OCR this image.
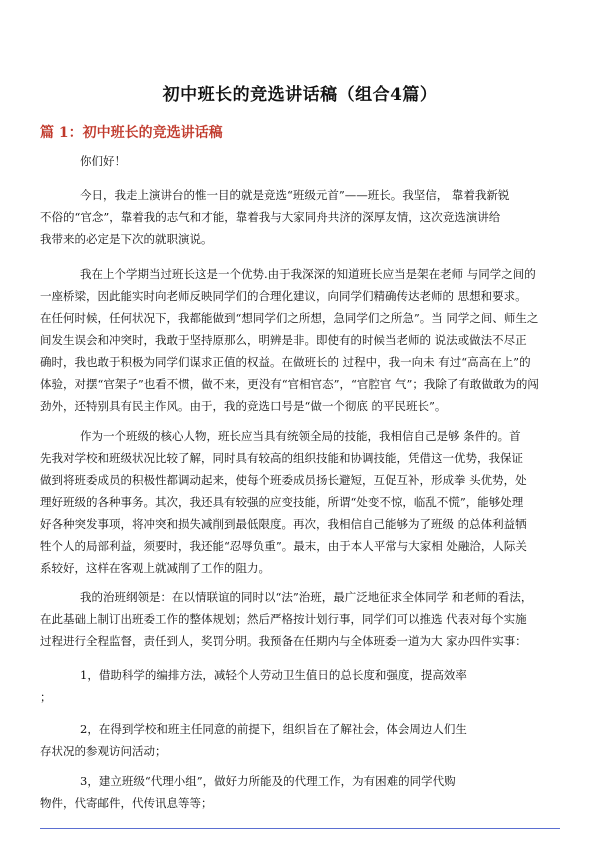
初中班长的竞选讲话稿（组合4篇）
篇 1：初中班长的竞选讲话稿
你们好！
今日，我走上演讲台的惟一目的就是竞选“班级元首”——班长。我坚信， 靠着我新锐
不俗的“官念”，靠着我的志气和才能，靠着我与大家同舟共济的深厚友情，这次竞选演讲给
我带来的必定是下次的就职演说。
我在上个学期当过班长这是一个优势.由于我深深的知道班长应当是架在老师 与同学之间的
一座桥梁，因此能实时向老师反映同学们的合理化建议，向同学们精确传达老师的 思想和要求。
在任何时候，任何状况下，我都能做到“想同学们之所想，急同学们之所急”。当 同学之间、师生之
间发生误会和冲突时，我敢于坚持原那么，明辨是非。即使有的时候当老师的 说法或做法不尽正
确时，我也敢于积极为同学们谋求正值的权益。在做班长的 过程中，我一向未 有过“高高在上”的
体验，对摆“官架子”也看不惯，做不来，更没有“官相官态”，“官腔官 气”；我除了有敢做敢为的闯
劲外，还特别具有民主作风。由于，我的竞选口号是“做一个彻底 的平民班长”。
作为一个班级的核心人物，班长应当具有统领全局的技能，我相信自己是够 条件的。首
先我对学校和班级状况比较了解，同时具有较高的组织技能和协调技能，凭借这一优势，我保证
做到将班委成员的积极性都调动起来，使每个班委成员扬长避短，互促互补，形成拳 头优势，处
理好班级的各种事务。其次，我还具有较强的应变技能，所谓“处变不惊，临乱不慌”，能够处理
好各种突发事项，将冲突和损失减削到最低限度。再次，我相信自己能够为了班级 的总体利益牺
牲个人的局部利益，须要时，我还能“忍辱负重”。最末，由于本人平常与大家相 处融洽，人际关
系较好，这样在客观上就减削了工作的阻力。
我的治班纲领是：在以情联谊的同时以“法”治班，最广泛地征求全体同学 和老师的看法，
在此基础上制订出班委工作的整体规划；然后严格按计划行事，同学们可以推选 代表对每个实施
过程进行全程监督，责任到人，奖罚分明。我预备在任期内与全体班委一道为大 家办四件实事：
1，借助科学的编排方法，减轻个人劳动卫生值日的总长度和强度，提高效率
；
2，在得到学校和班主任同意的前提下，组织旨在了解社会，体会周边人们生
存状况的参观访问活动；
3，建立班级“代理小组”，做好力所能及的代理工作，为有困难的同学代购
物件，代寄邮件，代传讯息等等；
